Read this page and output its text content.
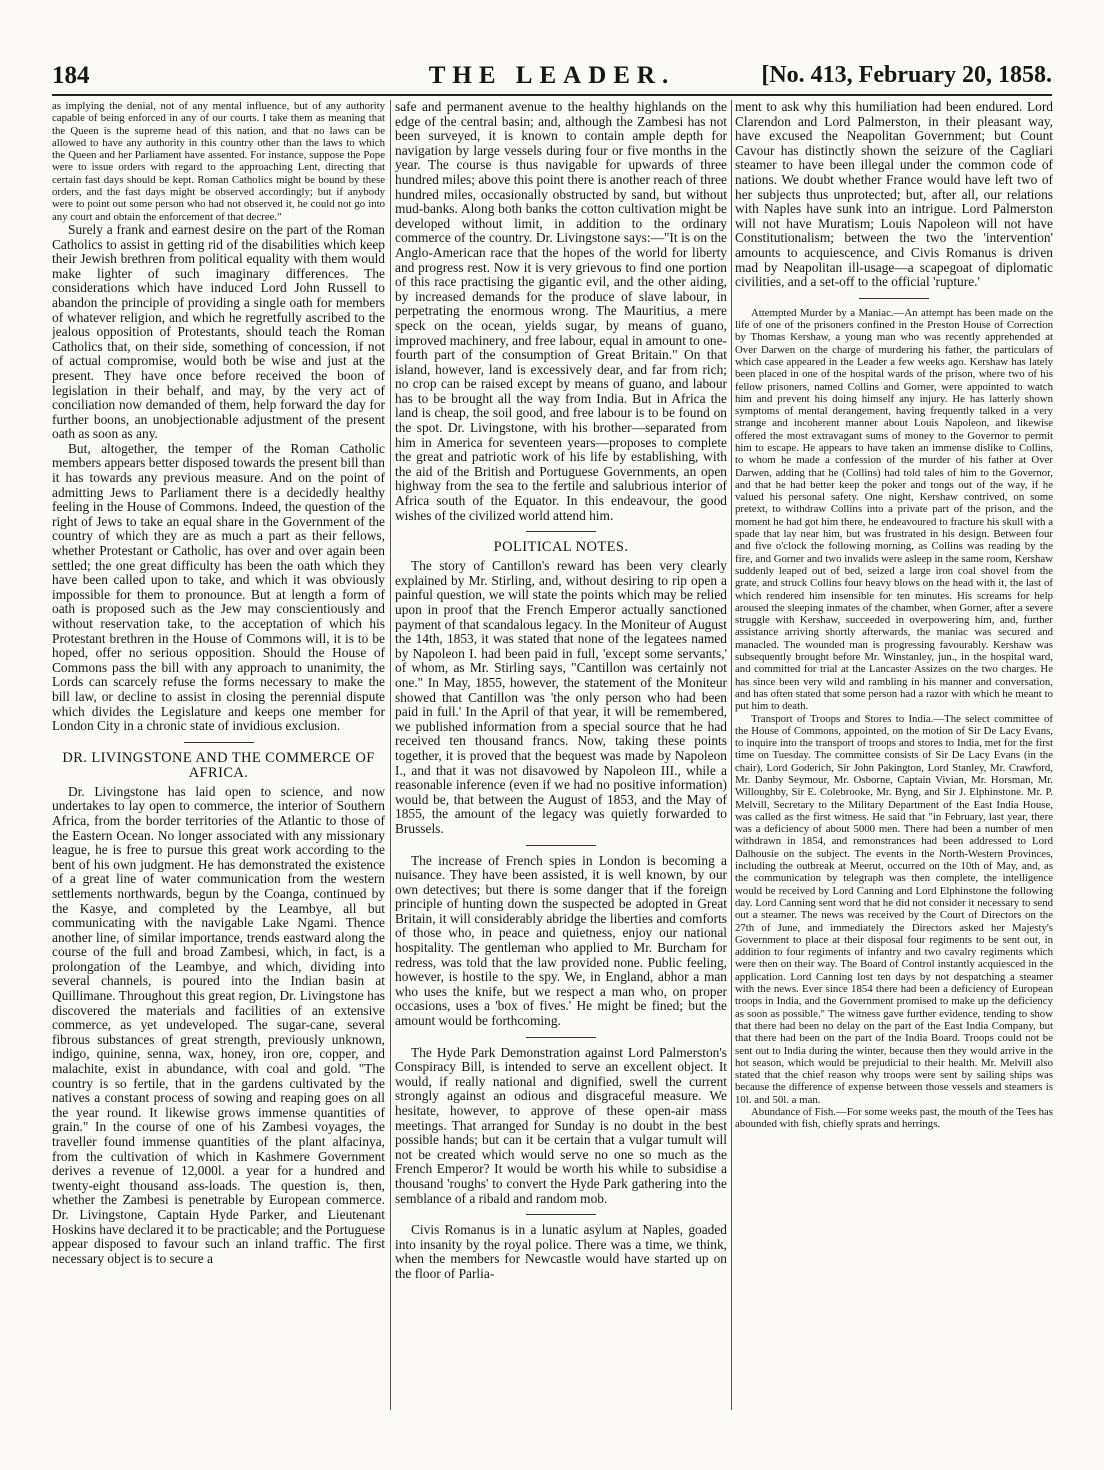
184	THE LEADER.	[No. 413, February 20, 1858.

as implying the denial, not of any mental influence, but of any authority capable of being enforced in any of our courts. I take them as meaning that the Queen is the supreme head of this nation, and that no laws can be allowed to have any authority in this country other than the laws to which the Queen and her Parliament have assented. For instance, suppose the Pope were to issue orders with regard to the approaching Lent, directing that certain fast days should be kept. Roman Catholics might be bound by these orders, and the fast days might be observed accordingly; but if anybody were to point out some person who had not observed it, he could not go into any court and obtain the enforcement of that decree."

Surely a frank and earnest desire on the part of the Roman Catholics to assist in getting rid of the disabilities which keep their Jewish brethren from political equality with them would make lighter of such imaginary differences. The considerations which have induced Lord John Russell to abandon the principle of providing a single oath for members of whatever religion, and which he regretfully ascribed to the jealous opposition of Protestants, should teach the Roman Catholics that, on their side, something of concession, if not of actual compromise, would both be wise and just at the present. They have once before received the boon of legislation in their behalf, and may, by the very act of conciliation now demanded of them, help forward the day for further boons, an unobjectionable adjustment of the present oath as soon as any.

But, altogether, the temper of the Roman Catholic members appears better disposed towards the present bill than it has towards any previous measure. And on the point of admitting Jews to Parliament there is a decidedly healthy feeling in the House of Commons. Indeed, the question of the right of Jews to take an equal share in the Government of the country of which they are as much a part as their fellows, whether Protestant or Catholic, has over and over again been settled; the one great difficulty has been the oath which they have been called upon to take, and which it was obviously impossible for them to pronounce. But at length a form of oath is proposed such as the Jew may conscientiously and without reservation take, to the acceptation of which his Protestant brethren in the House of Commons will, it is to be hoped, offer no serious opposition. Should the House of Commons pass the bill with any approach to unanimity, the Lords can scarcely refuse the forms necessary to make the bill law, or decline to assist in closing the perennial dispute which divides the Legislature and keeps one member for London City in a chronic state of invidious exclusion.

DR. LIVINGSTONE AND THE COMMERCE OF AFRICA.

Dr. Livingstone has laid open to science, and now undertakes to lay open to commerce, the interior of Southern Africa, from the border territories of the Atlantic to those of the Eastern Ocean. No longer associated with any missionary league, he is free to pursue this great work according to the bent of his own judgment. He has demonstrated the existence of a great line of water communication from the western settlements northwards, begun by the Coanga, continued by the Kasye, and completed by the Leambye, all but communicating with the navigable Lake Ngami. Thence another line, of similar importance, trends eastward along the course of the full and broad Zambesi, which, in fact, is a prolongation of the Leambye, and which, dividing into several channels, is poured into the Indian basin at Quillimane. Throughout this great region, Dr. Livingstone has discovered the materials and facilities of an extensive commerce, as yet undeveloped. The sugar-cane, several fibrous substances of great strength, previously unknown, indigo, quinine, senna, wax, honey, iron ore, copper, and malachite, exist in abundance, with coal and gold. "The country is so fertile, that in the gardens cultivated by the natives a constant process of sowing and reaping goes on all the year round. It likewise grows immense quantities of grain." In the course of one of his Zambesi voyages, the traveller found immense quantities of the plant alfacinya, from the cultivation of which in Kashmere Government derives a revenue of 12,000l. a year for a hundred and twenty-eight thousand ass-loads. The question is, then, whether the Zambesi is penetrable by European commerce. Dr. Livingstone, Captain Hyde Parker, and Lieutenant Hoskins have declared it to be practicable; and the Portuguese appear disposed to favour such an inland traffic. The first necessary object is to secure a

safe and permanent avenue to the healthy highlands on the edge of the central basin; and, although the Zambesi has not been surveyed, it is known to contain ample depth for navigation by large vessels during four or five months in the year. The course is thus navigable for upwards of three hundred miles; above this point there is another reach of three hundred miles, occasionally obstructed by sand, but without mud-banks. Along both banks the cotton cultivation might be developed without limit, in addition to the ordinary commerce of the country. Dr. Livingstone says:—"It is on the Anglo-American race that the hopes of the world for liberty and progress rest. Now it is very grievous to find one portion of this race practising the gigantic evil, and the other aiding, by increased demands for the produce of slave labour, in perpetrating the enormous wrong. The Mauritius, a mere speck on the ocean, yields sugar, by means of guano, improved machinery, and free labour, equal in amount to one-fourth part of the consumption of Great Britain." On that island, however, land is excessively dear, and far from rich; no crop can be raised except by means of guano, and labour has to be brought all the way from India. But in Africa the land is cheap, the soil good, and free labour is to be found on the spot. Dr. Livingstone, with his brother—separated from him in America for seventeen years—proposes to complete the great and patriotic work of his life by establishing, with the aid of the British and Portuguese Governments, an open highway from the sea to the fertile and salubrious interior of Africa south of the Equator. In this endeavour, the good wishes of the civilized world attend him.

POLITICAL NOTES.

The story of Cantillon's reward has been very clearly explained by Mr. Stirling, and, without desiring to rip open a painful question, we will state the points which may be relied upon in proof that the French Emperor actually sanctioned payment of that scandalous legacy. In the Moniteur of August the 14th, 1853, it was stated that none of the legatees named by Napoleon I. had been paid in full, 'except some servants,' of whom, as Mr. Stirling says, "Cantillon was certainly not one." In May, 1855, however, the statement of the Moniteur showed that Cantillon was 'the only person who had been paid in full.' In the April of that year, it will be remembered, we published information from a special source that he had received ten thousand francs. Now, taking these points together, it is proved that the bequest was made by Napoleon I., and that it was not disavowed by Napoleon III., while a reasonable inference (even if we had no positive information) would be, that between the August of 1853, and the May of 1855, the amount of the legacy was quietly forwarded to Brussels.

The increase of French spies in London is becoming a nuisance. They have been assisted, it is well known, by our own detectives; but there is some danger that if the foreign principle of hunting down the suspected be adopted in Great Britain, it will considerably abridge the liberties and comforts of those who, in peace and quietness, enjoy our national hospitality. The gentleman who applied to Mr. Burcham for redress, was told that the law provided none. Public feeling, however, is hostile to the spy. We, in England, abhor a man who uses the knife, but we respect a man who, on proper occasions, uses a 'box of fives.' He might be fined; but the amount would be forthcoming.

The Hyde Park Demonstration against Lord Palmerston's Conspiracy Bill, is intended to serve an excellent object. It would, if really national and dignified, swell the current strongly against an odious and disgraceful measure. We hesitate, however, to approve of these open-air mass meetings. That arranged for Sunday is no doubt in the best possible hands; but can it be certain that a vulgar tumult will not be created which would serve no one so much as the French Emperor? It would be worth his while to subsidise a thousand 'roughs' to convert the Hyde Park gathering into the semblance of a ribald and random mob.

Civis Romanus is in a lunatic asylum at Naples, goaded into insanity by the royal police. There was a time, we think, when the members for Newcastle would have started up on the floor of Parlia-

ment to ask why this humiliation had been endured. Lord Clarendon and Lord Palmerston, in their pleasant way, have excused the Neapolitan Government; but Count Cavour has distinctly shown the seizure of the Cagliari steamer to have been illegal under the common code of nations. We doubt whether France would have left two of her subjects thus unprotected; but, after all, our relations with Naples have sunk into an intrigue. Lord Palmerston will not have Muratism; Louis Napoleon will not have Constitutionalism; between the two the 'intervention' amounts to acquiescence, and Civis Romanus is driven mad by Neapolitan ill-usage—a scapegoat of diplomatic civilities, and a set-off to the official 'rupture.'

Attempted Murder by a Maniac.—An attempt has been made on the life of one of the prisoners confined in the Preston House of Correction by Thomas Kershaw, a young man who was recently apprehended at Over Darwen on the charge of murdering his father, the particulars of which case appeared in the Leader a few weeks ago. Kershaw has lately been placed in one of the hospital wards of the prison, where two of his fellow prisoners, named Collins and Gorner, were appointed to watch him and prevent his doing himself any injury. He has latterly shown symptoms of mental derangement, having frequently talked in a very strange and incoherent manner about Louis Napoleon, and likewise offered the most extravagant sums of money to the Governor to permit him to escape. He appears to have taken an immense dislike to Collins, to whom he made a confession of the murder of his father at Over Darwen, adding that he (Collins) had told tales of him to the Governor, and that he had better keep the poker and tongs out of the way, if he valued his personal safety. One night, Kershaw contrived, on some pretext, to withdraw Collins into a private part of the prison, and the moment he had got him there, he endeavoured to fracture his skull with a spade that lay near him, but was frustrated in his design. Between four and five o'clock the following morning, as Collins was reading by the fire, and Gorner and two invalids were asleep in the same room, Kershaw suddenly leaped out of bed, seized a large iron coal shovel from the grate, and struck Collins four heavy blows on the head with it, the last of which rendered him insensible for ten minutes. His screams for help aroused the sleeping inmates of the chamber, when Gorner, after a severe struggle with Kershaw, succeeded in overpowering him, and, further assistance arriving shortly afterwards, the maniac was secured and manacled. The wounded man is progressing favourably. Kershaw was subsequently brought before Mr. Winstanley, jun., in the hospital ward, and committed for trial at the Lancaster Assizes on the two charges. He has since been very wild and rambling in his manner and conversation, and has often stated that some person had a razor with which he meant to put him to death.

Transport of Troops and Stores to India.—The select committee of the House of Commons, appointed, on the motion of Sir De Lacy Evans, to inquire into the transport of troops and stores to India, met for the first time on Tuesday. The committee consists of Sir De Lacy Evans (in the chair), Lord Goderich, Sir John Pakington, Lord Stanley, Mr. Crawford, Mr. Danby Seymour, Mr. Osborne, Captain Vivian, Mr. Horsman, Mr. Willoughby, Sir E. Colebrooke, Mr. Byng, and Sir J. Elphinstone. Mr. P. Melvill, Secretary to the Military Department of the East India House, was called as the first witness. He said that "in February, last year, there was a deficiency of about 5000 men. There had been a number of men withdrawn in 1854, and remonstrances had been addressed to Lord Dalhousie on the subject. The events in the North-Western Provinces, including the outbreak at Meerut, occurred on the 10th of May, and, as the communication by telegraph was then complete, the intelligence would be received by Lord Canning and Lord Elphinstone the following day. Lord Canning sent word that he did not consider it necessary to send out a steamer. The news was received by the Court of Directors on the 27th of June, and immediately the Directors asked her Majesty's Government to place at their disposal four regiments to be sent out, in addition to four regiments of infantry and two cavalry regiments which were then on their way. The Board of Control instantly acquiesced in the application. Lord Canning lost ten days by not despatching a steamer with the news. Ever since 1854 there had been a deficiency of European troops in India, and the Government promised to make up the deficiency as soon as possible." The witness gave further evidence, tending to show that there had been no delay on the part of the East India Company, but that there had been on the part of the India Board. Troops could not be sent out to India during the winter, because then they would arrive in the hot season, which would be prejudicial to their health. Mr. Melvill also stated that the chief reason why troops were sent by sailing ships was because the difference of expense between those vessels and steamers is 10l. and 50l. a man.

Abundance of Fish.—For some weeks past, the mouth of the Tees has abounded with fish, chiefly sprats and herrings.
